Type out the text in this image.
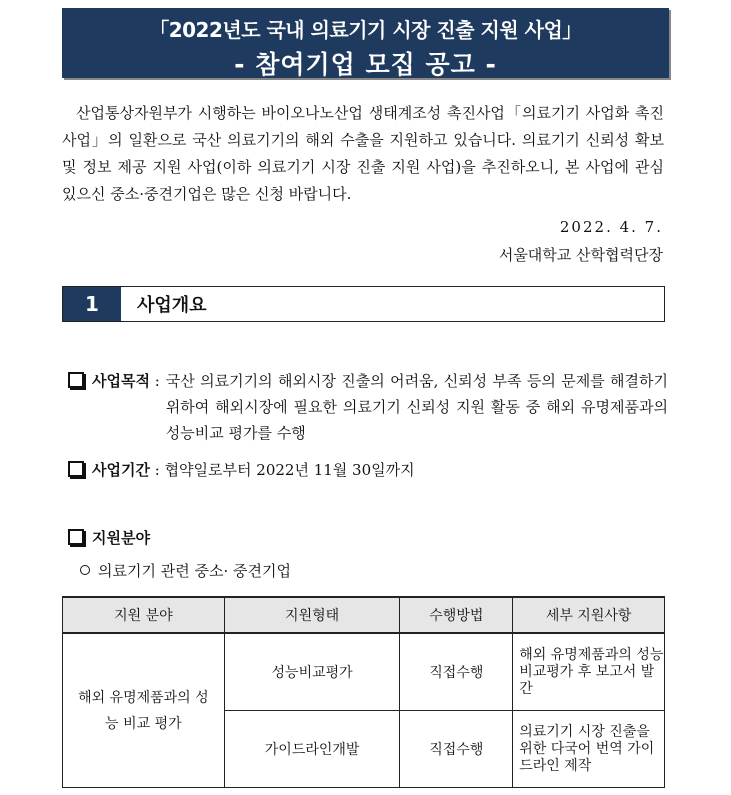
「2022년도 국내 의료기기 시장 진출 지원 사업」
- 참여기업 모집 공고 -

산업통상자원부가 시행하는 바이오나노산업 생태계조성 촉진사업「의료기기 사업화 촉진 사업」의 일환으로 국산 의료기기의 해외 수출을 지원하고 있습니다. 의료기기 신뢰성 확보 및 정보 제공 지원 사업(이하 의료기기 시장 진출 지원 사업)을 추진하오니, 본 사업에 관심 있으신 중소·중견기업은 많은 신청 바랍니다.

2022. 4. 7.
서울대학교 산학협력단장
1	사업개요
사업목적 : 국산 의료기기의 해외시장 진출의 어려움, 신뢰성 부족 등의 문제를 해결하기 위하여 해외시장에 필요한 의료기기 신뢰성 지원 활동 중 해외 유명제품과의 성능비교 평가를 수행
사업기간 : 협약일로부터 2022년 11월 30일까지
지원분야
의료기기 관련 중소· 중견기업
지원 분야	지원형태	수행방법	세부 지원사항
해외 유명제품과의 성능 비교 평가	성능비교평가	직접수행	해외 유명제품과의 성능비교평가 후 보고서 발간
	가이드라인개발	직접수행	의료기기 시장 진출을 위한 다국어 번역 가이드라인 제작
